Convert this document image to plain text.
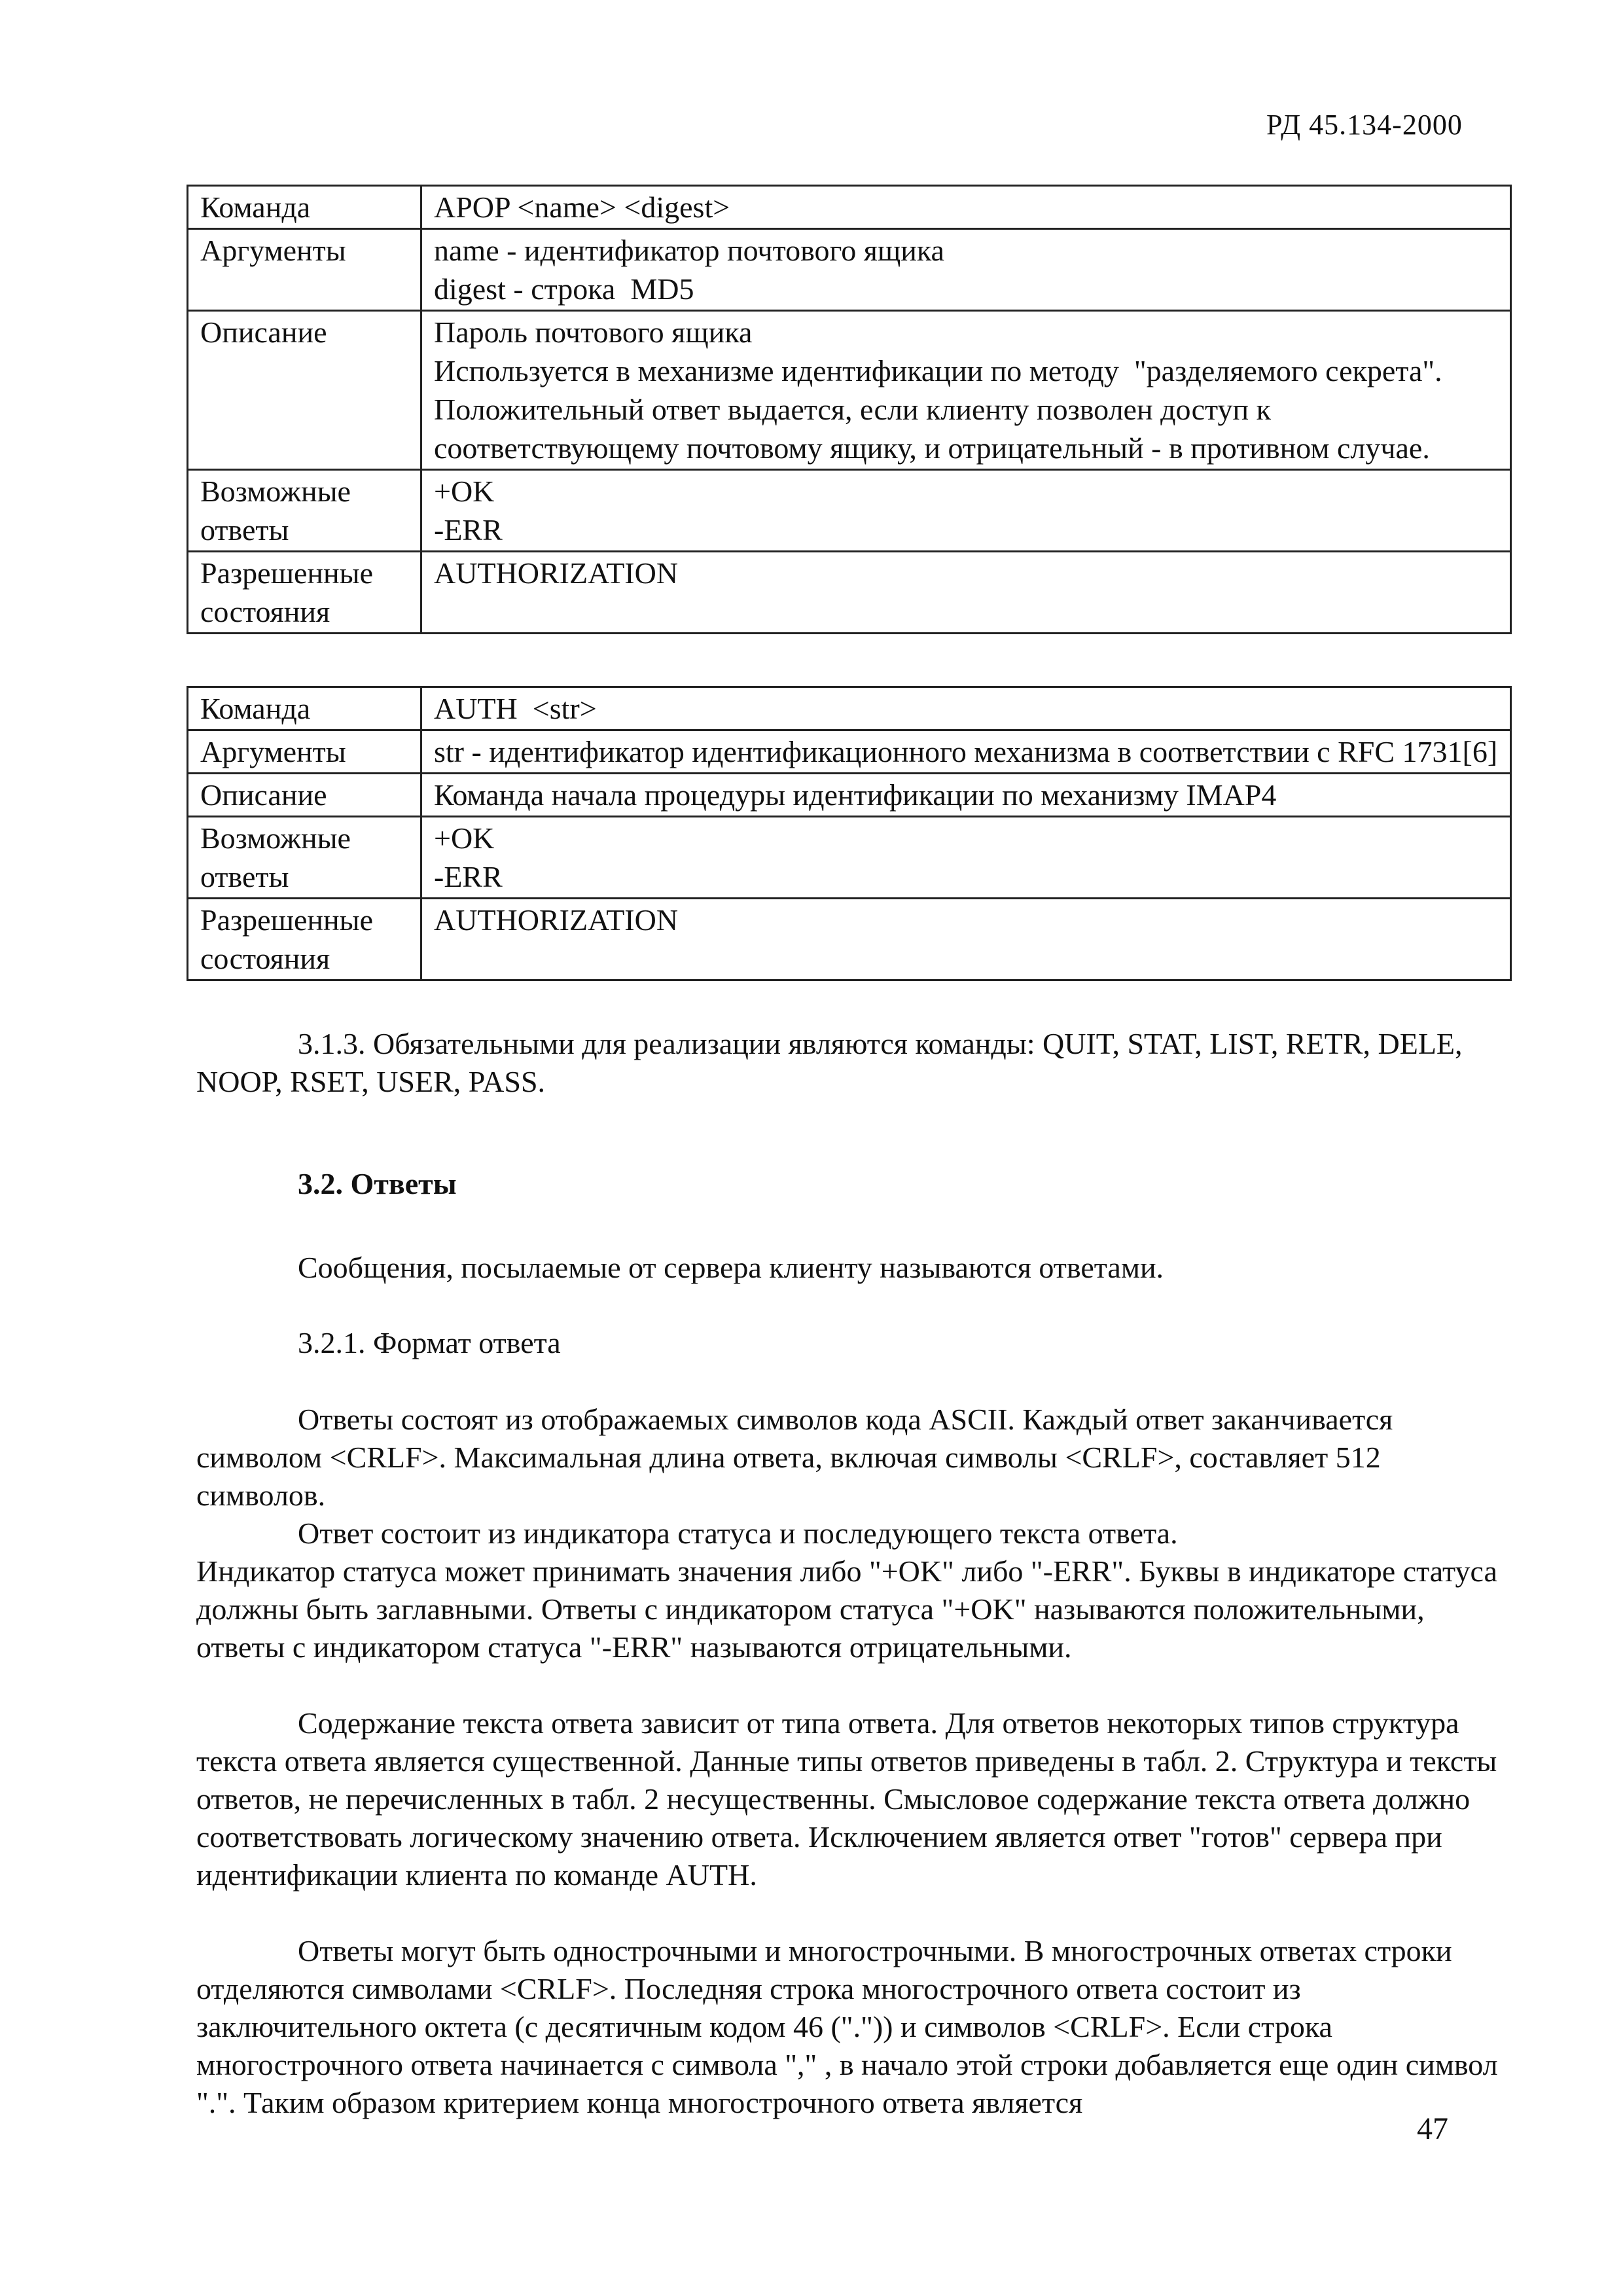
РД 45.134-2000
Команда	APOP <name> <digest>

Аргументы	name - идентификатор почтового ящика
digest - строка  MD5

Описание	Пароль почтового ящика
Используется в механизме идентификации по методу  "разделяемого секрета".  Положительный ответ выдается, если клиенту позволен доступ к соответствующему почтовому ящику, и отрицательный - в противном случае.

Возможные ответы	+OK
-ERR

Разрешенные состояния	AUTHORIZATION
Команда	AUTH  <str>

Аргументы	str - идентификатор идентификационного механизма в соответствии с RFC 1731[6]

Описание	Команда начала процедуры идентификации по механизму IMAP4

Возможные ответы	+OK
-ERR

Разрешенные состояния	AUTHORIZATION

3.1.3. Обязательными для реализации являются команды: QUIT, STAT, LIST, RETR, DELE, NOOP, RSET, USER, PASS.

3.2. Ответы

Сообщения, посылаемые от сервера клиенту называются ответами.

3.2.1. Формат ответа

Ответы состоят из отображаемых символов кода ASCII. Каждый ответ заканчивается символом <CRLF>. Максимальная длина ответа, включая символы <CRLF>, составляет 512 символов.

Ответ состоит из индикатора статуса и последующего текста ответа.

Индикатор статуса может принимать значения либо "+OK" либо "-ERR". Буквы в индикаторе статуса должны быть заглавными. Ответы с индикатором статуса "+OK" называются положительными, ответы с индикатором статуса "-ERR" называются отрицательными.

Содержание текста ответа зависит от типа ответа. Для ответов некоторых типов структура текста ответа является существенной. Данные типы ответов приведены в табл. 2. Структура и тексты ответов, не перечисленных в табл. 2 несущественны. Смысловое содержание текста ответа должно соответствовать логическому значению ответа. Исключением является ответ "готов" сервера при идентификации клиента по команде AUTH.

Ответы могут быть однострочными и многострочными. В многострочных ответах строки отделяются символами <CRLF>. Последняя строка многострочного ответа состоит из заключительного октета (с десятичным кодом 46 (".")) и символов <CRLF>. Если строка многострочного ответа начинается с символа "," , в начало этой строки добавляется еще один символ ".". Таким образом критерием конца многострочного ответа является

47
